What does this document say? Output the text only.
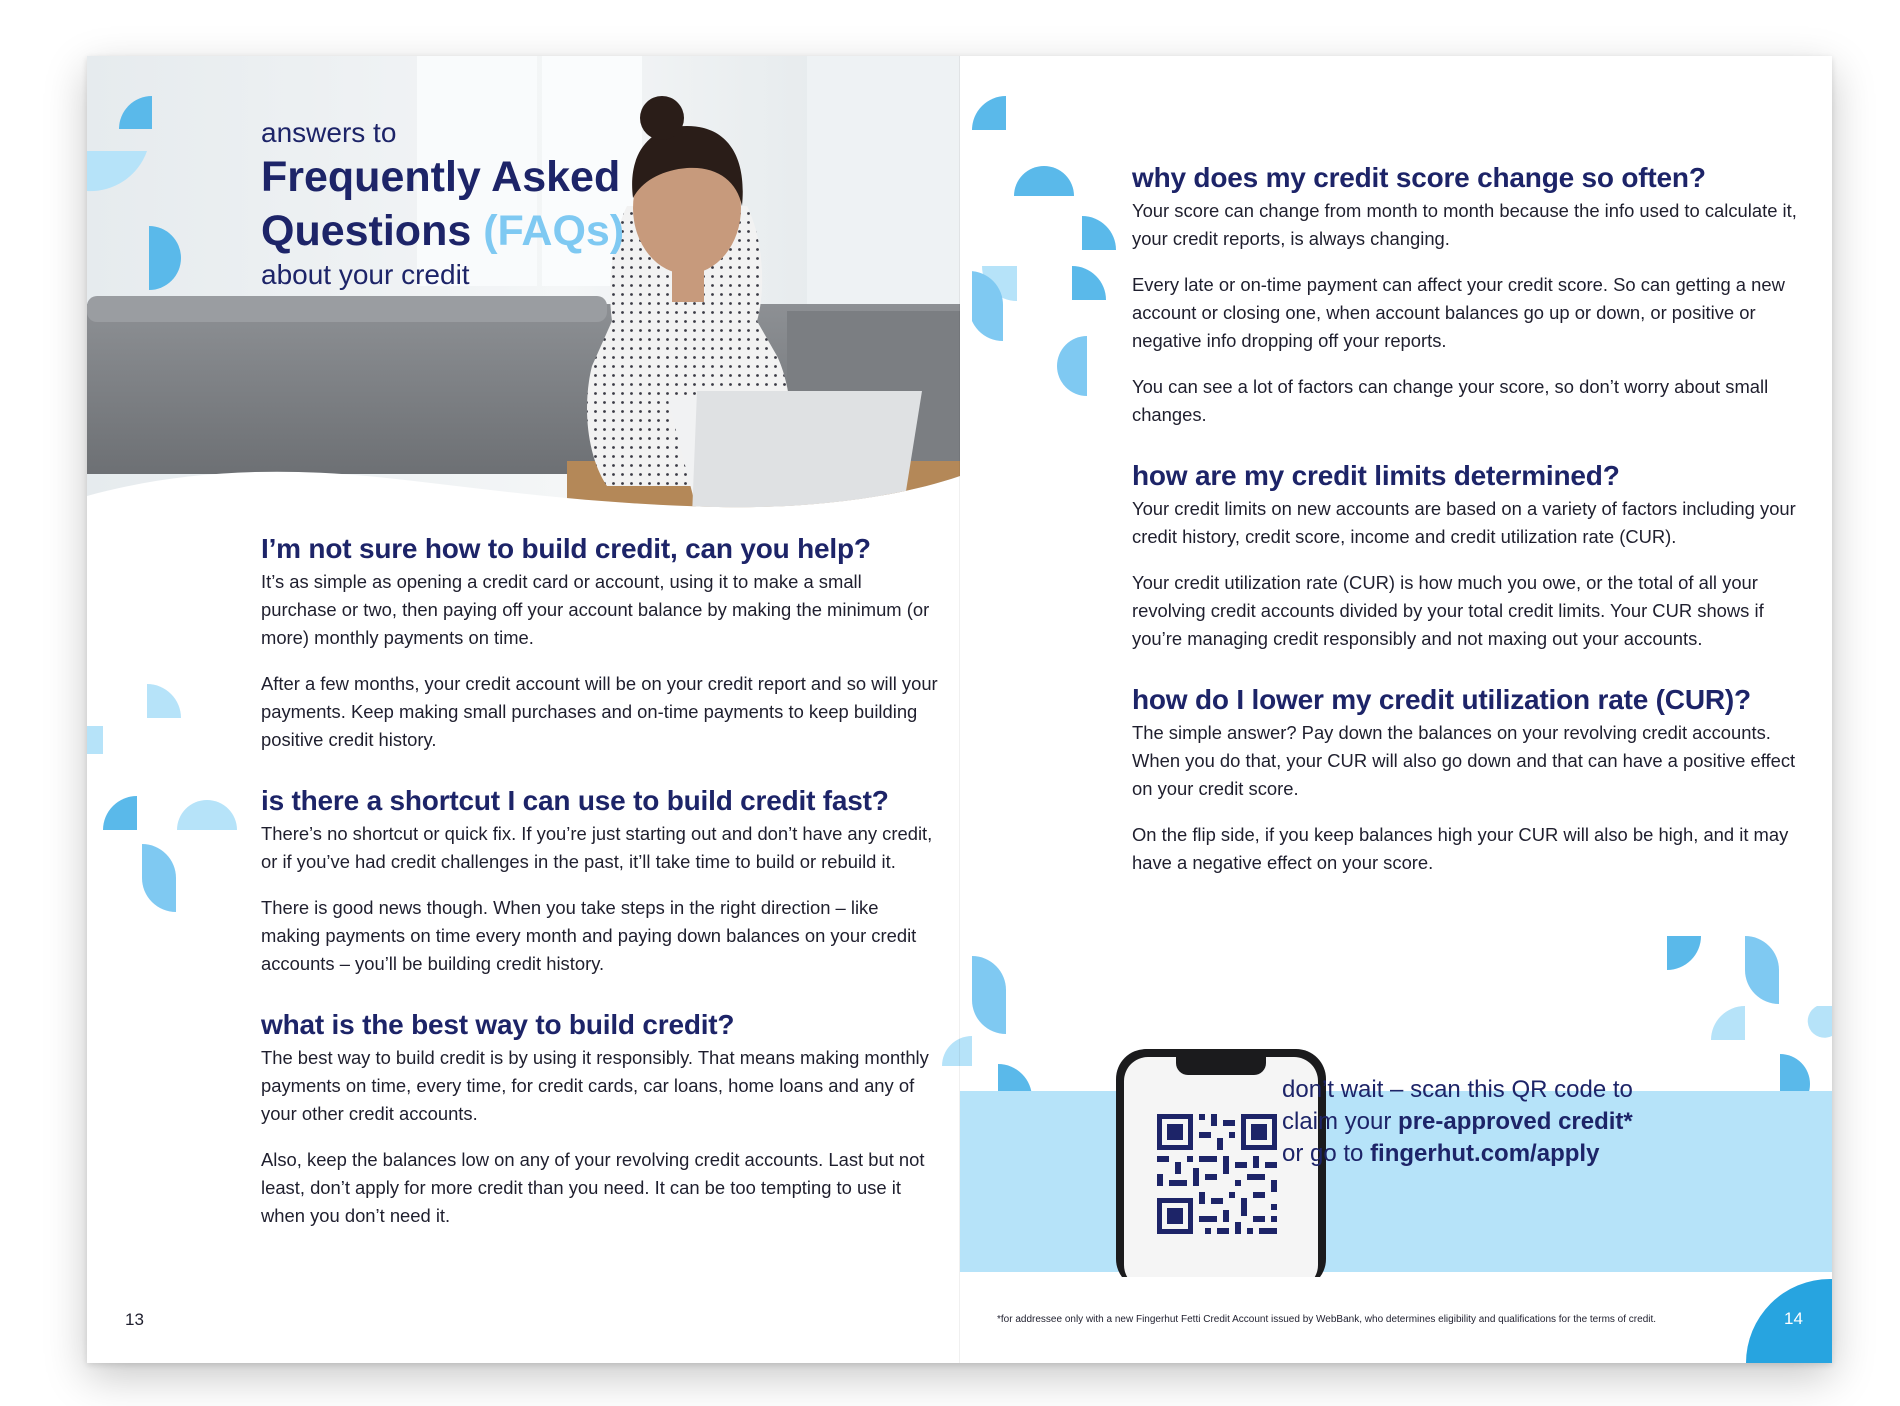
answers to
Frequently Asked
Questions (FAQs)
about your credit
I’m not sure how to build credit, can you help?

It’s as simple as opening a credit card or account, using it to make a small purchase or two, then paying off your account balance by making the minimum (or more) monthly payments on time.

After a few months, your credit account will be on your credit report and so will your payments. Keep making small purchases and on-time payments to keep building positive credit history.

is there a shortcut I can use to build credit fast?

There’s no shortcut or quick fix. If you’re just starting out and don’t have any credit, or if you’ve had credit challenges in the past, it’ll take time to build or rebuild it.

There is good news though. When you take steps in the right direction – like making payments on time every month and paying down balances on your credit accounts – you’ll be building credit history.

what is the best way to build credit?

The best way to build credit is by using it responsibly. That means making monthly payments on time, every time, for credit cards, car loans, home loans and any of your other credit accounts.

Also, keep the balances low on any of your revolving credit accounts. Last but not least, don’t apply for more credit than you need. It can be too tempting to use it when you don’t need it.

why does my credit score change so often?

Your score can change from month to month because the info used to calculate it, your credit reports, is always changing.

Every late or on-time payment can affect your credit score. So can getting a new account or closing one, when account balances go up or down, or positive or negative info dropping off your reports.

You can see a lot of factors can change your score, so don’t worry about small changes.

how are my credit limits determined?

Your credit limits on new accounts are based on a variety of factors including your credit history, credit score, income and credit utilization rate (CUR).

Your credit utilization rate (CUR) is how much you owe, or the total of all your revolving credit accounts divided by your total credit limits. Your CUR shows if you’re managing credit responsibly and not maxing out your accounts.

how do I lower my credit utilization rate (CUR)?

The simple answer? Pay down the balances on your revolving credit accounts. When you do that, your CUR will also go down and that can have a positive effect on your credit score.

On the flip side, if you keep balances high your CUR will also be high, and it may have a negative effect on your score.

13	*for addressee only with a new Fingerhut Fetti Credit Account issued by WebBank, who determines eligibility and qualifications for the terms of credit.	14
don’t wait – scan this QR code to
claim your pre-approved credit*
or go to fingerhut.com/apply
